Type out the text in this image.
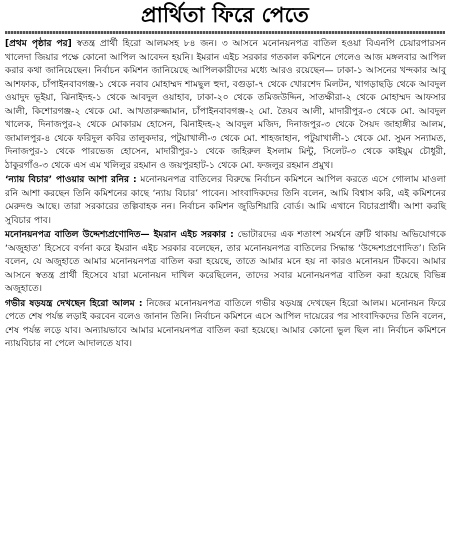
প্রার্থিতা ফিরে পেতে

[প্রথম পৃষ্ঠার পর] স্বতন্ত্র প্রার্থী হিরো আলমসহ ৮৪ জন। ৩ আসনে মনোনয়নপত্র বাতিল হওয়া বিএনপি চেয়ারপারসন খালেদা জিয়ার পক্ষে কোনো আপিল আবেদন হয়নি। ইমরান এইচ সরকার গতকাল কমিশনে গেলেও আজ মঙ্গলবার আপিল করার কথা জানিয়েছেন। নির্বাচন কমিশন জানিয়েছে আপিলকারীদের মধ্যে আরও রয়েছেন— ঢাকা-১ আসনের খন্দকার আবু আশফাক, চাঁপাইনবাবগঞ্জ-১ থেকে নবাব মোহাম্মদ শামছুল হুদা, বগুড়া-৭ থেকে খোরশেদ মিলটন, খাগড়াছড়ি থেকে আবদুল ওয়াদুদ ভূইয়া, ঝিনাইদহ-১ থেকে আবদুল ওয়াহাব, ঢাকা-২০ থেকে তমিজউদ্দিন, সাতক্ষীরা-২ থেকে মোহাম্মদ আফসার আলী, কিশোরগঞ্জ-২ থেকে মো. আখতারুজ্জামান, চাঁপাইনবাবগঞ্জ-২ মো. তৈয়ব আলী, মাদারীপুর-৩ থেকে মো. আবদুল খালেক, দিনাজপুর-২ থেকে মোকারম হোসেন, ঝিনাইদহ-২ আবদুল মজিদ, দিনাজপুর-৩ থেকে সৈয়দ জাহাঙ্গীর আলম, জামালপুর-৪ থেকে ফরিদুল কবির তালুকদার, পটুয়াখালী-৩ থেকে মো. শাহজাহান, পটুয়াখালী-১ থেকে মো. সুমন সন্যামত, দিনাজপুর-১ থেকে পারভেজ হোসেন, মাদারীপুর-১ থেকে জহিরুল ইসলাম মিন্টু, সিলেট-৩ থেকে কাইয়ুম চৌধুরী, ঠাকুরগাঁও-৩ থেকে এস এম খলিলুর রহমান ও জয়পুরহাট-১ থেকে মো. ফজলুর রহমান প্রমুখ।

‘ন্যায় বিচার’ পাওয়ার আশা রনির : মনোনয়নপত্র বাতিলের বিরুদ্ধে নির্বাচন কমিশনে আপিল করতে এসে গোলাম মাওলা রনি আশা করছেন তিনি কমিশনের কাছে ‘ন্যায় বিচার’ পাবেন। সাংবাদিকদের তিনি বলেন, আমি বিশ্বাস করি, এই কমিশনের মেরুদণ্ড আছে। তারা সরকারের তল্পিবাহক নন। নির্বাচন কমিশন জুডিশিয়ারি বোর্ড। আমি এখানে বিচারপ্রার্থী। আশা করছি সুবিচার পাব।

মনোনয়নপত্র বাতিল উদ্দেশ্যপ্রণোদিত— ইমরান এইচ সরকার : ভোটারদের এক শতাংশ সমর্থনে ত্রুটি থাকায় অভিযোগকে ‘অজুহাত’ হিসেবে বর্ণনা করে ইমরান এইচ সরকার বলেছেন, তার মনোনয়নপত্র বাতিলের সিদ্ধান্ত ‘উদ্দেশ্যপ্রণোদিত’। তিনি বলেন, যে অজুহাতে আমার মনোনয়নপত্র বাতিল করা হয়েছে, তাতে আমার মনে হয় না কারও মনোনয়ন টিকবে। আমার আসনে স্বতন্ত্র প্রার্থী হিসেবে যারা মনোনয়ন দাখিল করেছিলেন, তাদের সবার মনোনয়নপত্র বাতিল করা হয়েছে বিভিন্ন অজুহাতে।

গভীর ষড়যন্ত্র দেখছেন হিরো আলম : নিজের মনোনয়নপত্র বাতিলে গভীর ষড়যন্ত্র দেখছেন হিরো আলম। মনোনয়ন ফিরে পেতে শেষ পর্যন্ত লড়াই করবেন বলেও জানান তিনি। নির্বাচন কমিশনে এসে আপিল দায়েরের পর সাংবাদিকদের তিনি বলেন, শেষ পর্যন্ত লড়ে যাব। অন্যায়ভাবে আমার মনোনয়নপত্র বাতিল করা হয়েছে। আমার কোনো ভুল ছিল না। নির্বাচন কমিশনে ন্যায়বিচার না পেলে আদালতে যাব।
